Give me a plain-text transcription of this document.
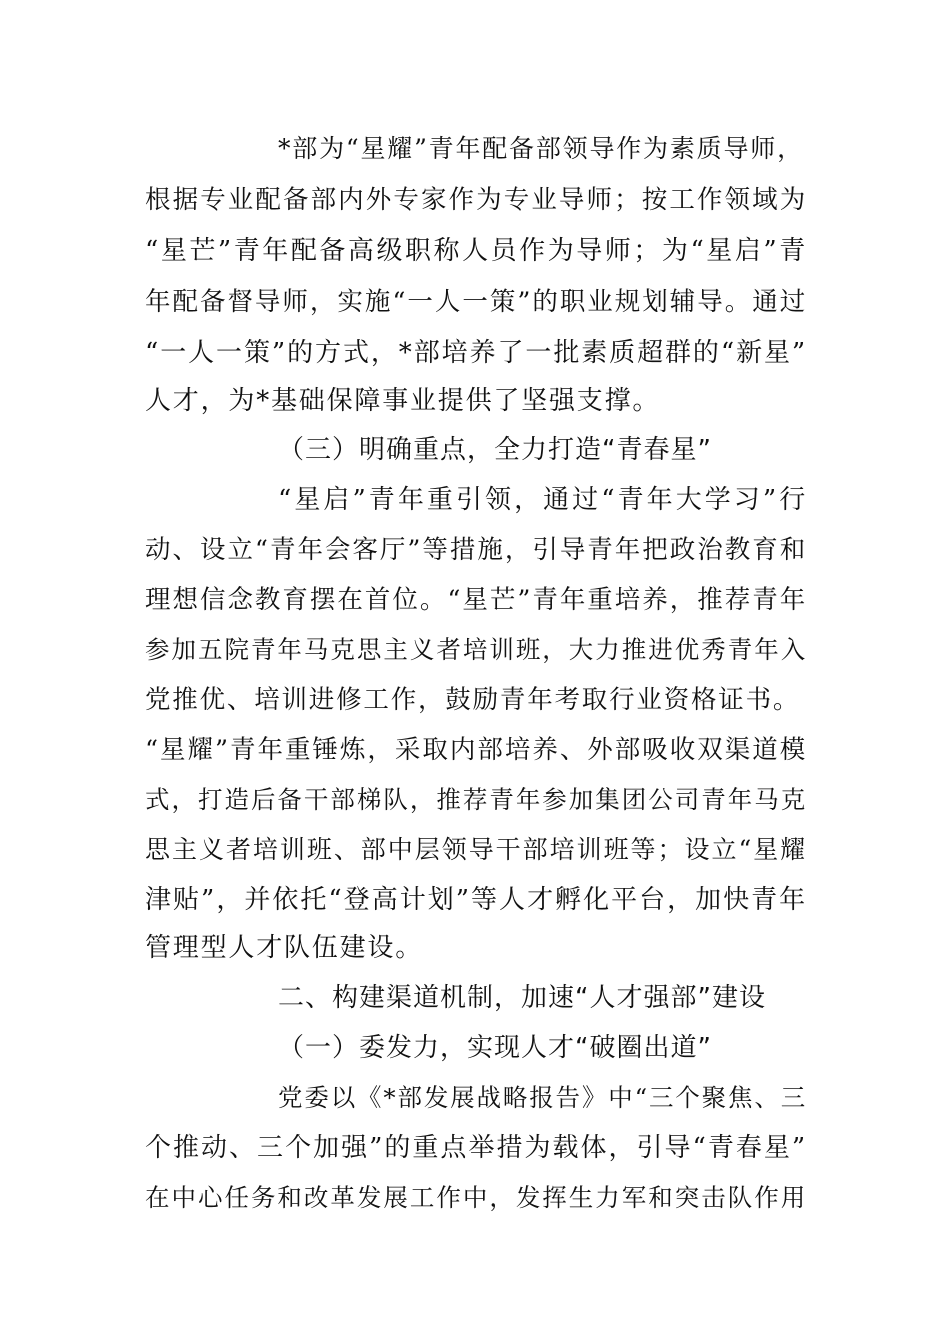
*部为“星耀”青年配备部领导作为素质导师，
根据专业配备部内外专家作为专业导师；按工作领域为
“星芒”青年配备高级职称人员作为导师；为“星启”青
年配备督导师，实施“一人一策”的职业规划辅导。通过
“一人一策”的方式，*部培养了一批素质超群的“新星”
人才，为*基础保障事业提供了坚强支撑。
（三）明确重点，全力打造“青春星”
“星启”青年重引领，通过“青年大学习”行
动、设立“青年会客厅”等措施，引导青年把政治教育和
理想信念教育摆在首位。“星芒”青年重培养，推荐青年
参加五院青年马克思主义者培训班，大力推进优秀青年入
党推优、培训进修工作，鼓励青年考取行业资格证书。
“星耀”青年重锤炼，采取内部培养、外部吸收双渠道模
式，打造后备干部梯队，推荐青年参加集团公司青年马克
思主义者培训班、部中层领导干部培训班等；设立“星耀
津贴”，并依托“登高计划”等人才孵化平台，加快青年
管理型人才队伍建设。
二、构建渠道机制，加速“人才强部”建设
（一）委发力，实现人才“破圈出道”
党委以《*部发展战略报告》中“三个聚焦、三
个推动、三个加强”的重点举措为载体，引导“青春星”
在中心任务和改革发展工作中，发挥生力军和突击队作用
